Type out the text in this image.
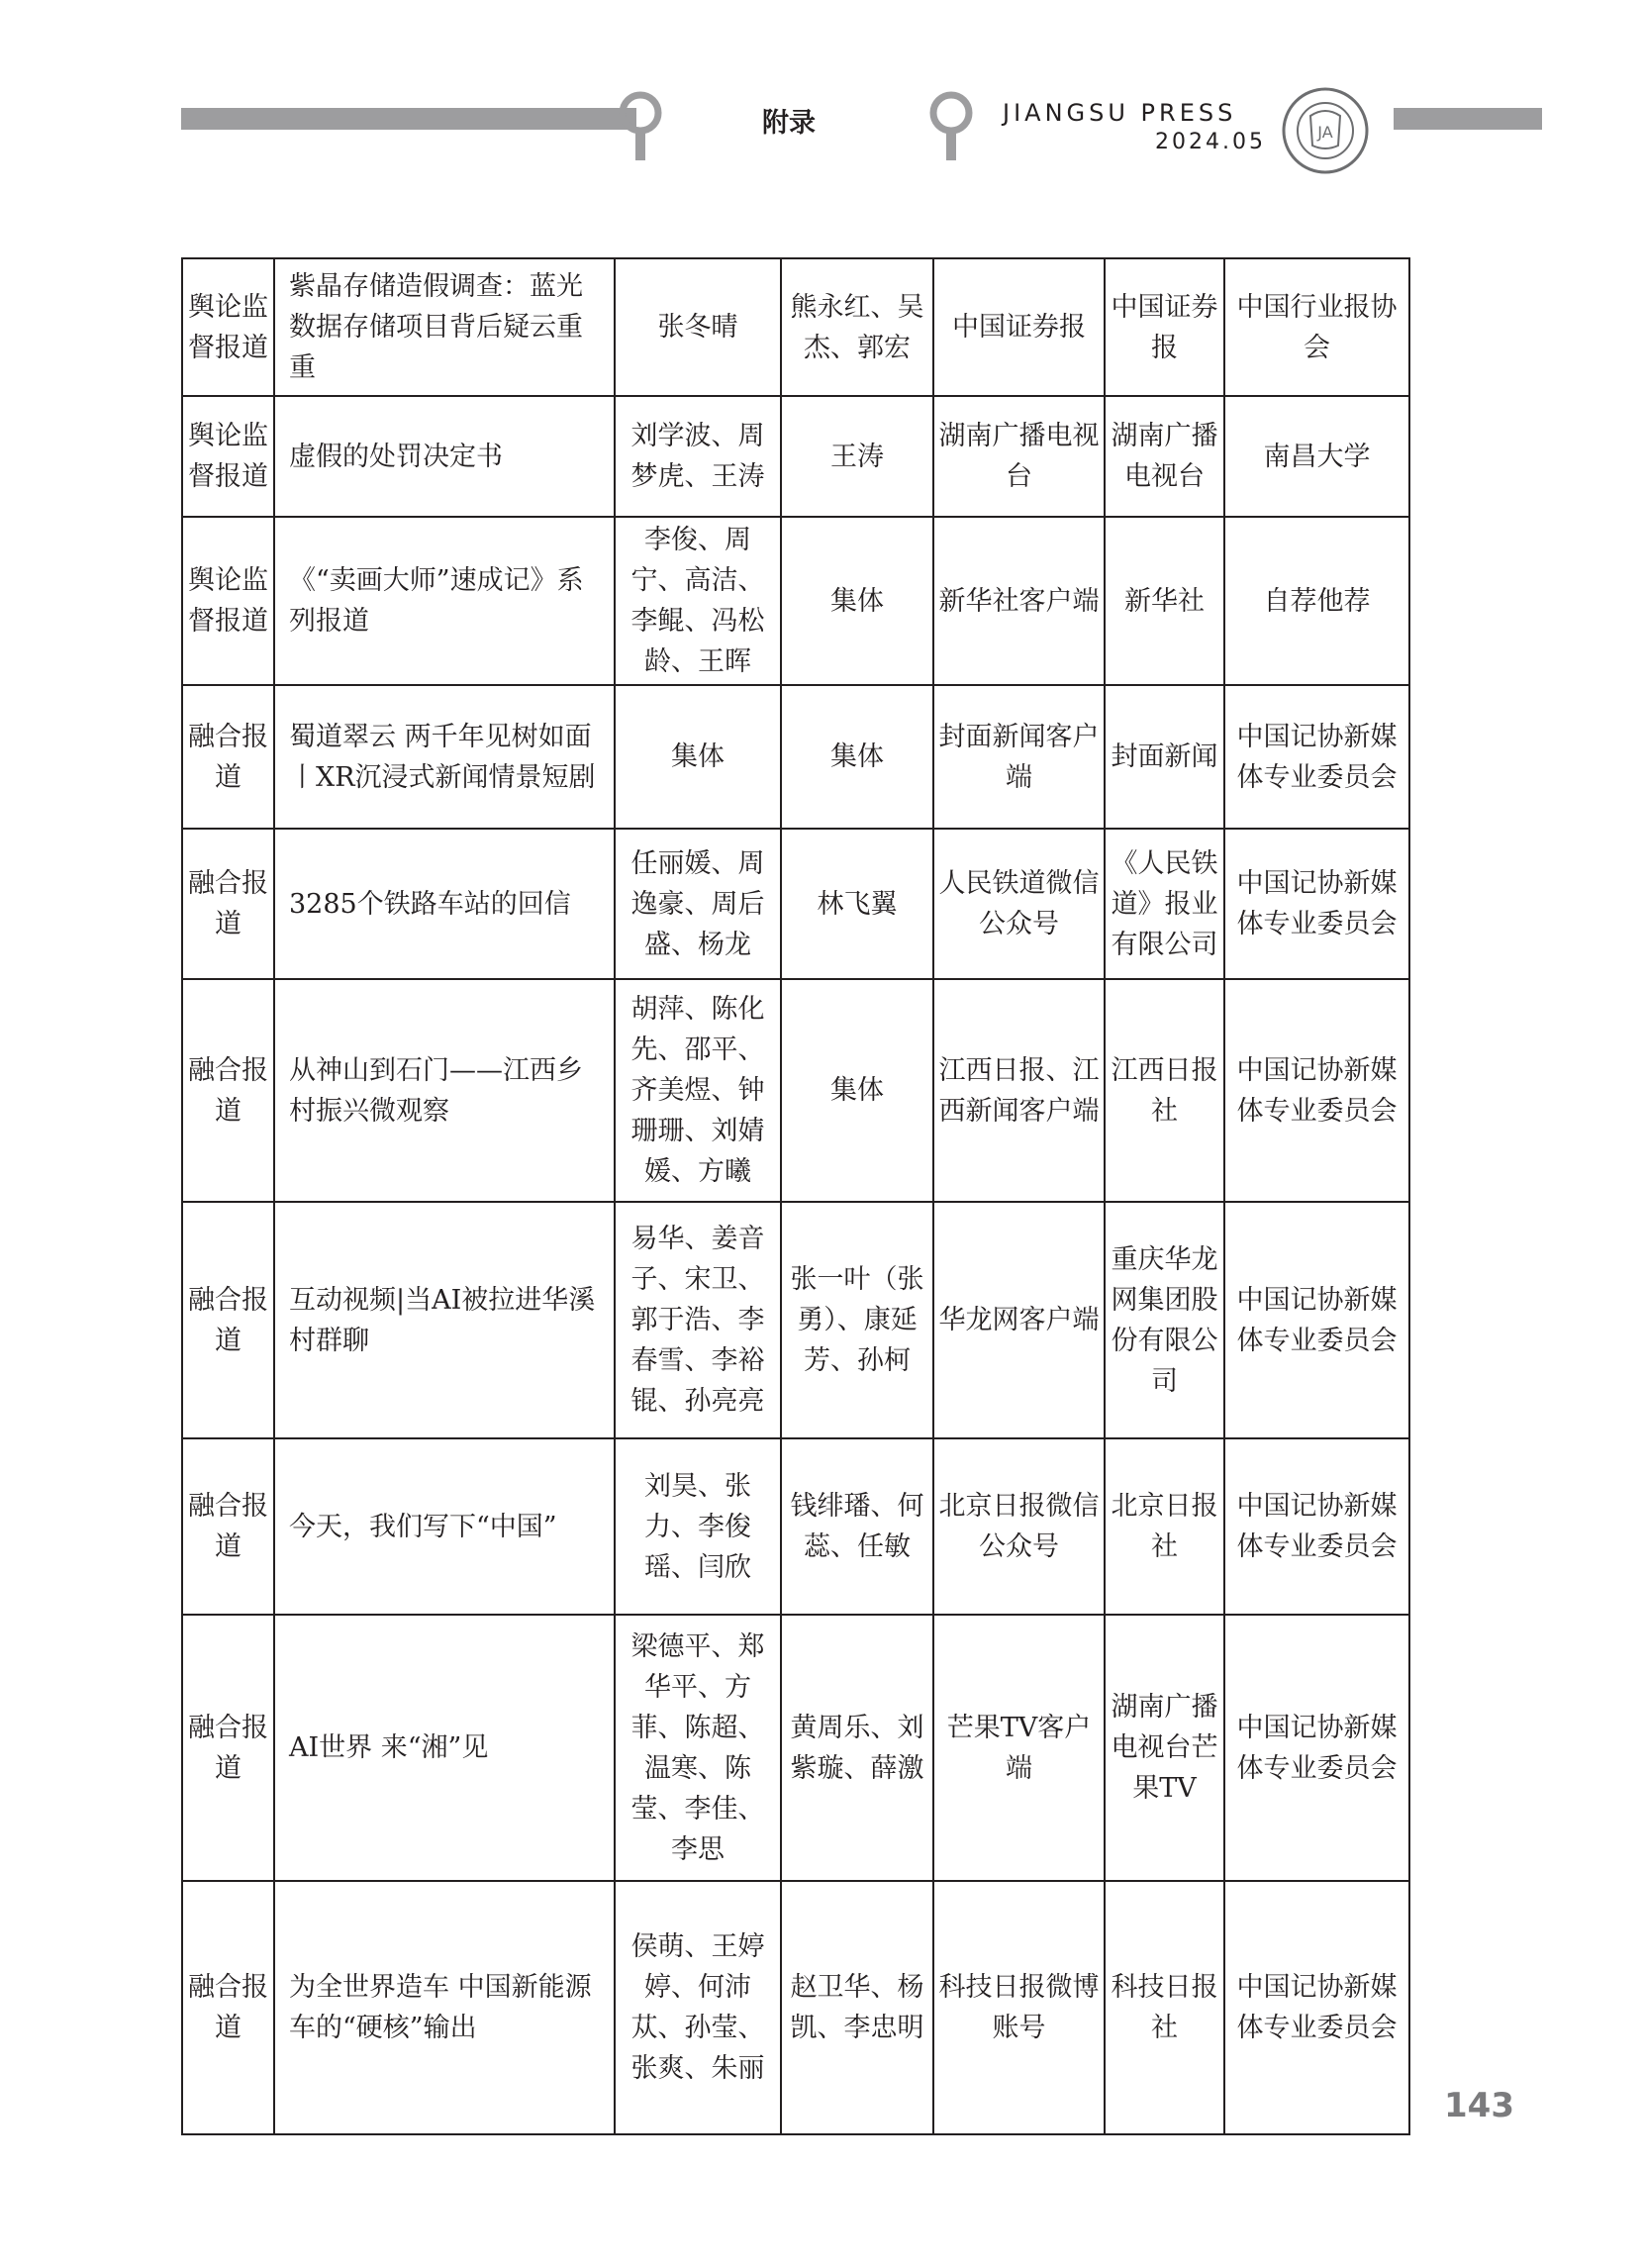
附录	JIANGSU PRESS
2024.05	JA
舆论监督报道	紫晶存储造假调查：蓝光数据存储项目背后疑云重重	张冬晴	熊永红、吴杰、郭宏	中国证券报	中国证券报	中国行业报协会
舆论监督报道	虚假的处罚决定书	刘学波、周梦虎、王涛	王涛	湖南广播电视台	湖南广播电视台	南昌大学
舆论监督报道	《“卖画大师”速成记》系列报道	李俊、周宁、高洁、李鲲、冯松龄、王晖	集体	新华社客户端	新华社	自荐他荐
融合报道	蜀道翠云 两千年见树如面丨XR沉浸式新闻情景短剧	集体	集体	封面新闻客户端	封面新闻	中国记协新媒体专业委员会
融合报道	3285个铁路车站的回信	任丽媛、周逸豪、周后盛、杨龙	林飞翼	人民铁道微信公众号	《人民铁道》报业有限公司	中国记协新媒体专业委员会
融合报道	从神山到石门——江西乡村振兴微观察	胡萍、陈化先、邵平、齐美煜、钟珊珊、刘婧媛、方曦	集体	江西日报、江西新闻客户端	江西日报社	中国记协新媒体专业委员会
融合报道	互动视频|当AI被拉进华溪村群聊	易华、姜音子、宋卫、郭于浩、李春雪、李裕锟、孙亮亮	张一叶（张勇）、康延芳、孙柯	华龙网客户端	重庆华龙网集团股份有限公司	中国记协新媒体专业委员会
融合报道	今天，我们写下“中国”	刘昊、张力、李俊瑶、闫欣	钱绯璠、何蕊、任敏	北京日报微信公众号	北京日报社	中国记协新媒体专业委员会
融合报道	AI世界 来“湘”见	梁德平、郑华平、方菲、陈超、温寒、陈莹、李佳、李思	黄周乐、刘紫璇、薛激	芒果TV客户端	湖南广播电视台芒果TV	中国记协新媒体专业委员会
融合报道	为全世界造车 中国新能源车的“硬核”输出	侯萌、王婷婷、何沛苁、孙莹、张爽、朱丽	赵卫华、杨凯、李忠明	科技日报微博账号	科技日报社	中国记协新媒体专业委员会
143
